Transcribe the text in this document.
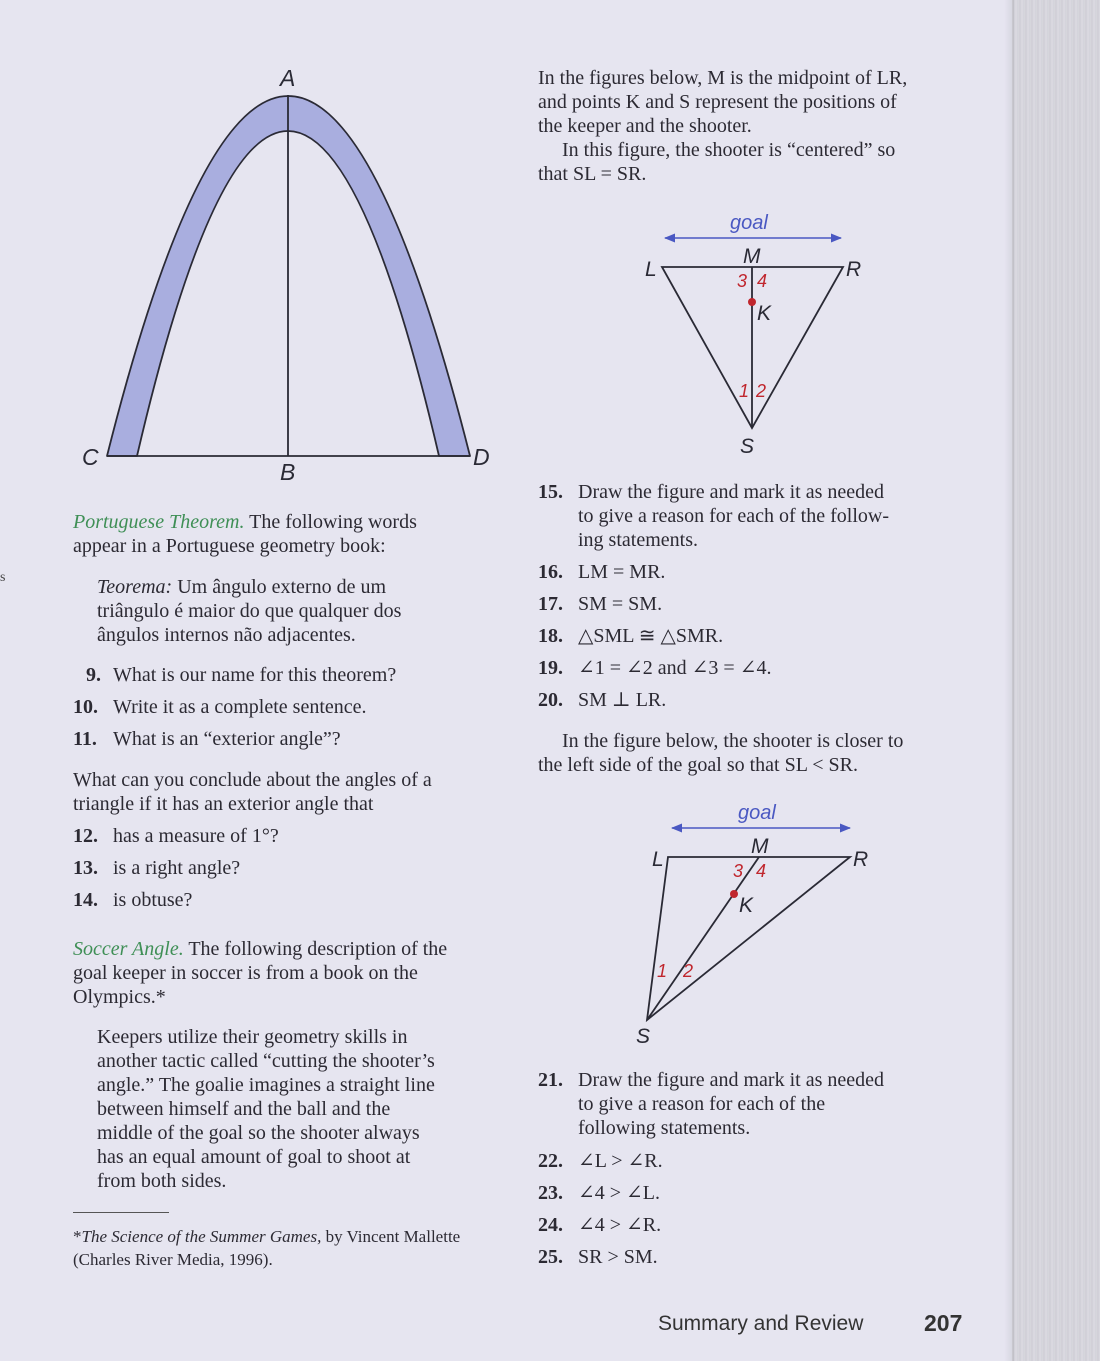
s
A
B
C	D
Portuguese Theorem. The following words
appear in a Portuguese geometry book:
Teorema: Um ângulo externo de um
triângulo é maior do que qualquer dos
ângulos internos não adjacentes.
9. What is our name for this theorem?
10. Write it as a complete sentence.
11. What is an “exterior angle”?
What can you conclude about the angles of a
triangle if it has an exterior angle that
12. has a measure of 1°?
13. is a right angle?
14. is obtuse?
Soccer Angle. The following description of the
goal keeper in soccer is from a book on the
Olympics.*
Keepers utilize their geometry skills in
another tactic called “cutting the shooter’s
angle.” The goalie imagines a straight line
between himself and the ball and the
middle of the goal so the shooter always
has an equal amount of goal to shoot at
from both sides.
*The Science of the Summer Games, by Vincent Mallette
(Charles River Media, 1996).
In the figures below, M is the midpoint of LR,
and points K and S represent the positions of
the keeper and the shooter.
In this figure, the shooter is “centered” so
that SL = SR.
goal
M
L	R
K
S
3 4
1 2
15. Draw the figure and mark it as needed
to give a reason for each of the follow-
ing statements.
16. LM = MR.
17. SM = SM.
18. △SML ≅ △SMR.
19. ∠1 = ∠2 and ∠3 = ∠4.
20. SM ⊥ LR.
In the figure below, the shooter is closer to
the left side of the goal so that SL < SR.
goal
M
L	R
K
S
3 4
1 2
21. Draw the figure and mark it as needed
to give a reason for each of the
following statements.
22. ∠L > ∠R.
23. ∠4 > ∠L.
24. ∠4 > ∠R.
25. SR > SM.
Summary and Review	207
